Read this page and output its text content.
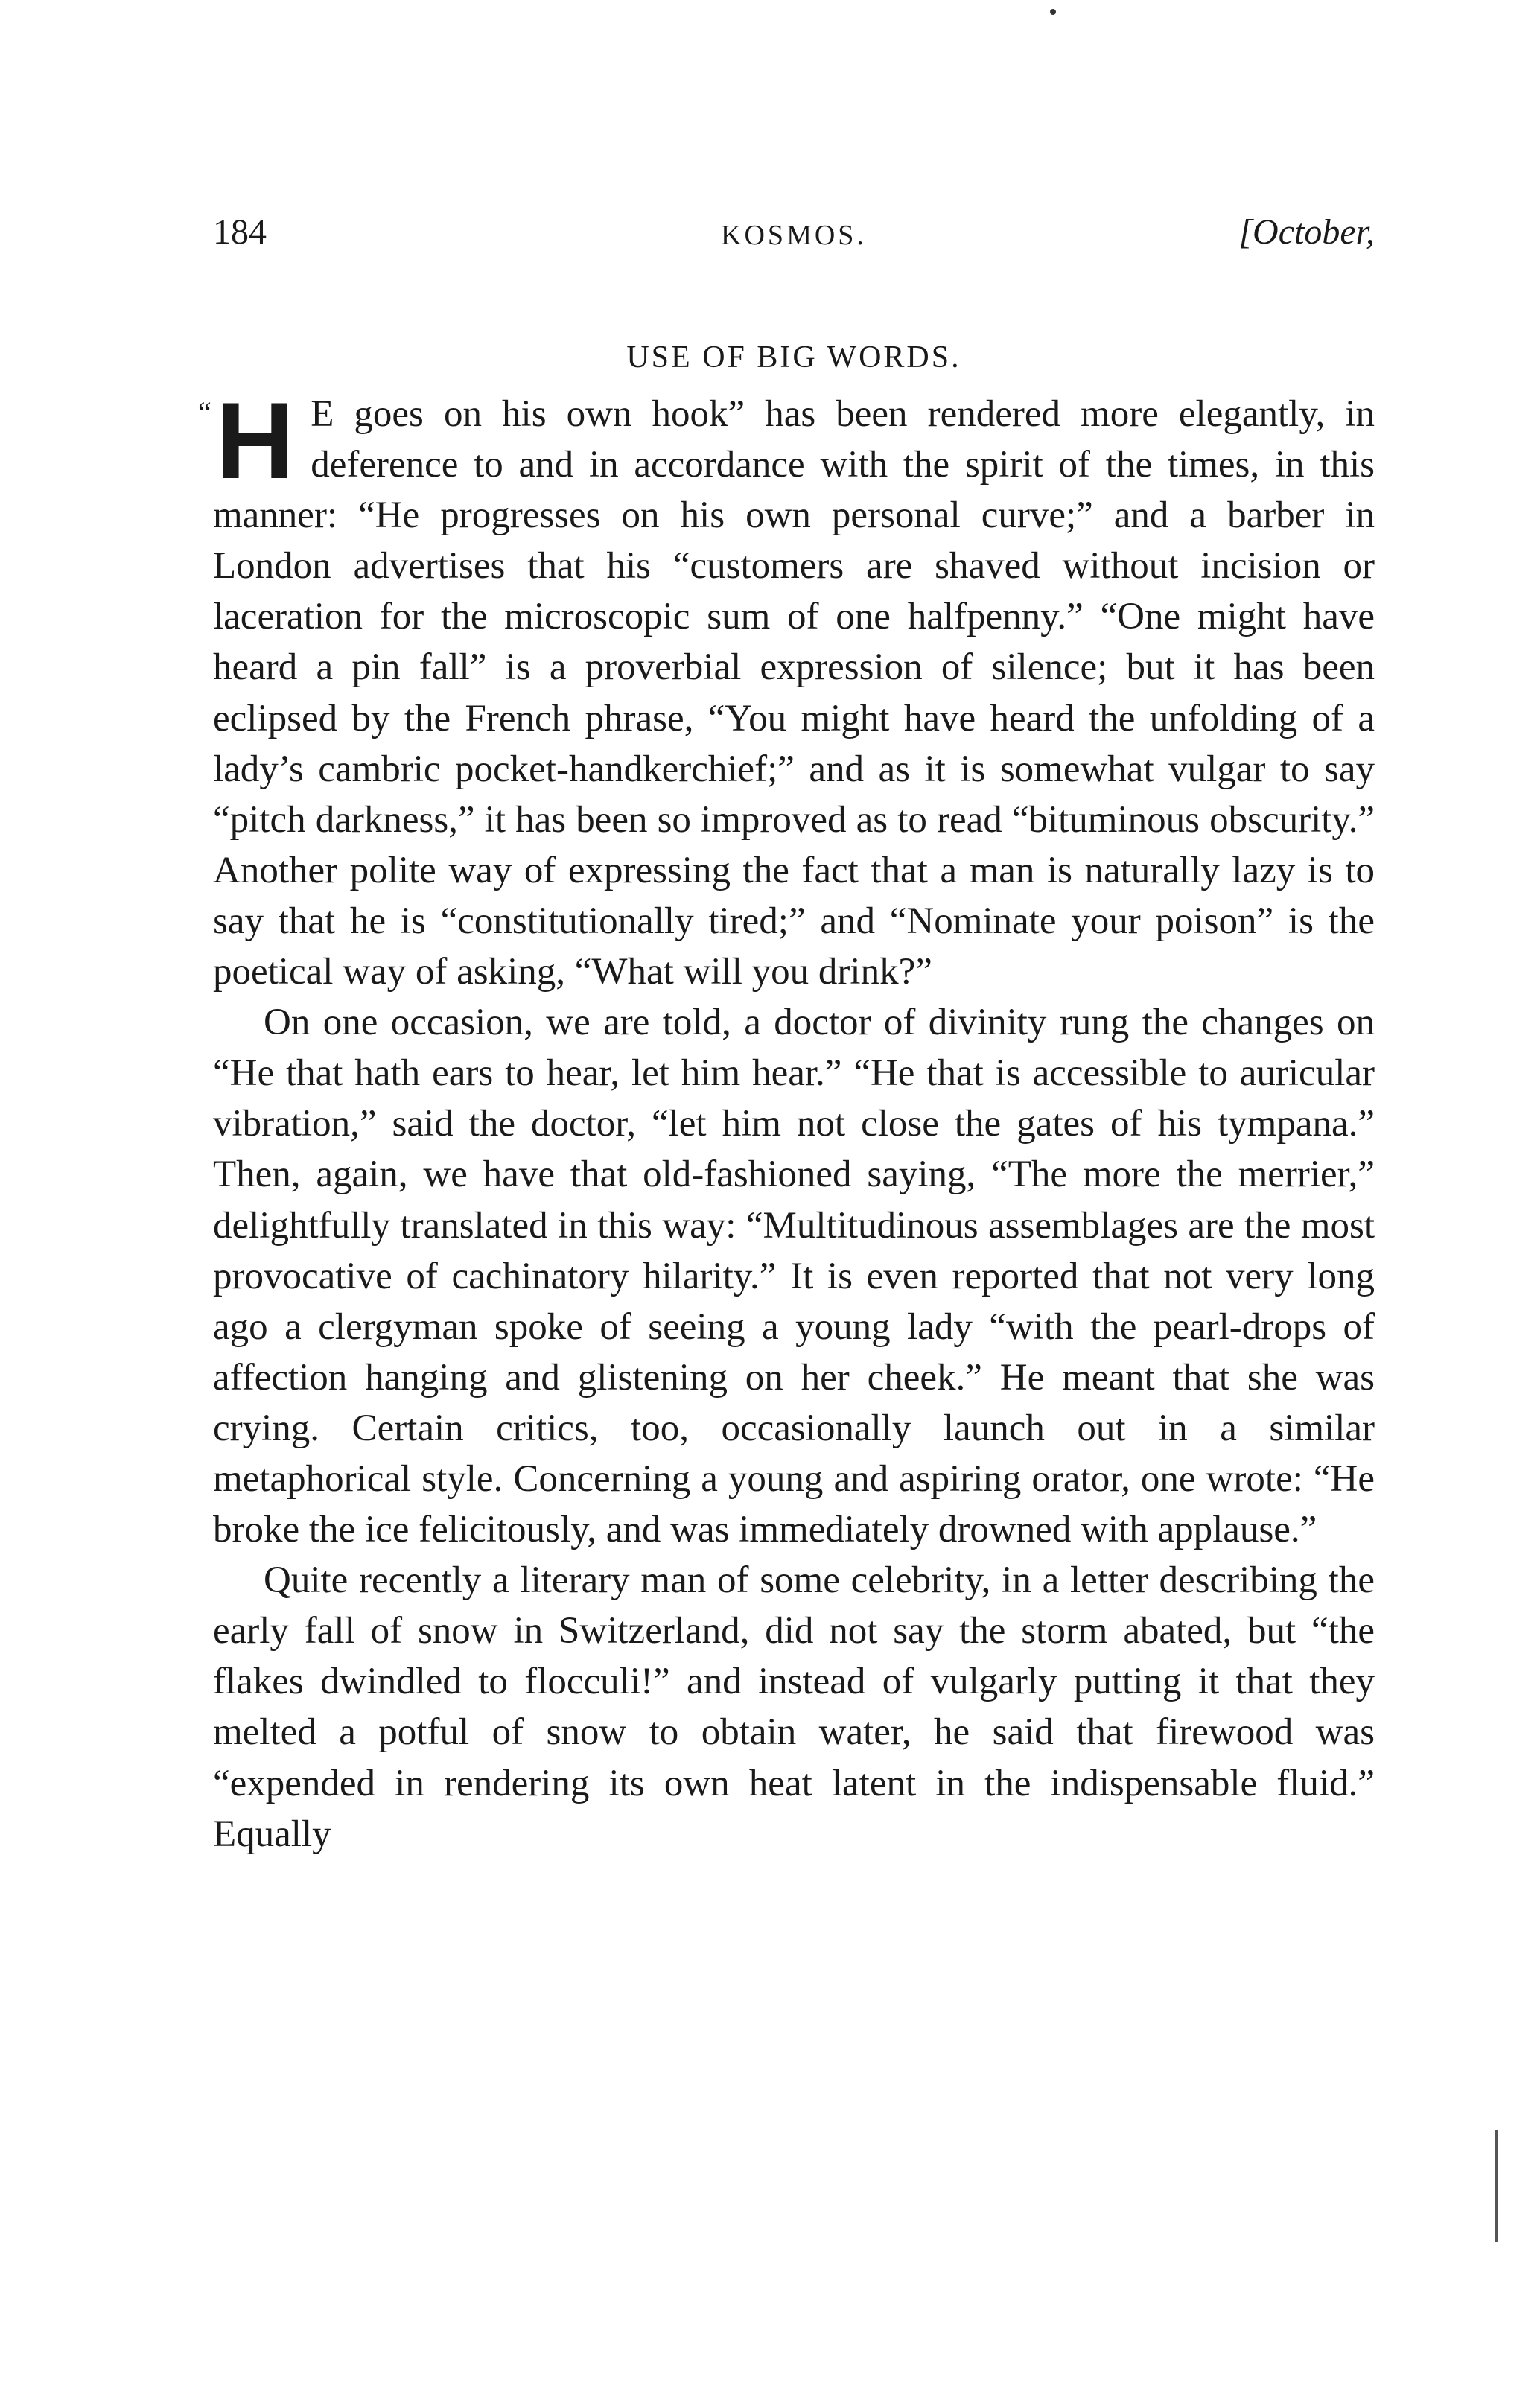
184	KOSMOS.	[October,
USE OF BIG WORDS.

“ H E goes on his own hook” has been rendered more elegantly, in deference to and in accordance with the spirit of the times, in this manner: “He progresses on his own personal curve;” and a barber in London advertises that his “customers are shaved without incision or laceration for the microscopic sum of one halfpenny.” “One might have heard a pin fall” is a proverbial expression of silence; but it has been eclipsed by the French phrase, “You might have heard the unfolding of a lady’s cambric pocket-handkerchief;” and as it is somewhat vulgar to say “pitch darkness,” it has been so improved as to read “bituminous obscurity.” Another polite way of expressing the fact that a man is naturally lazy is to say that he is “constitutionally tired;” and “Nominate your poison” is the poetical way of asking, “What will you drink?”

On one occasion, we are told, a doctor of divinity rung the changes on “He that hath ears to hear, let him hear.” “He that is accessible to auricular vibration,” said the doctor, “let him not close the gates of his tympana.” Then, again, we have that old-fashioned saying, “The more the merrier,” delightfully translated in this way: “Multitudinous assemblages are the most provocative of cachinatory hilarity.” It is even reported that not very long ago a clergyman spoke of seeing a young lady “with the pearl-drops of affection hanging and glistening on her cheek.” He meant that she was crying. Certain critics, too, occasionally launch out in a similar metaphorical style. Concerning a young and aspiring orator, one wrote: “He broke the ice felicitously, and was immediately drowned with applause.”

Quite recently a literary man of some celebrity, in a letter describing the early fall of snow in Switzerland, did not say the storm abated, but “the flakes dwindled to flocculi!” and instead of vulgarly putting it that they melted a potful of snow to obtain water, he said that firewood was “expended in rendering its own heat latent in the indispensable fluid.” Equally
